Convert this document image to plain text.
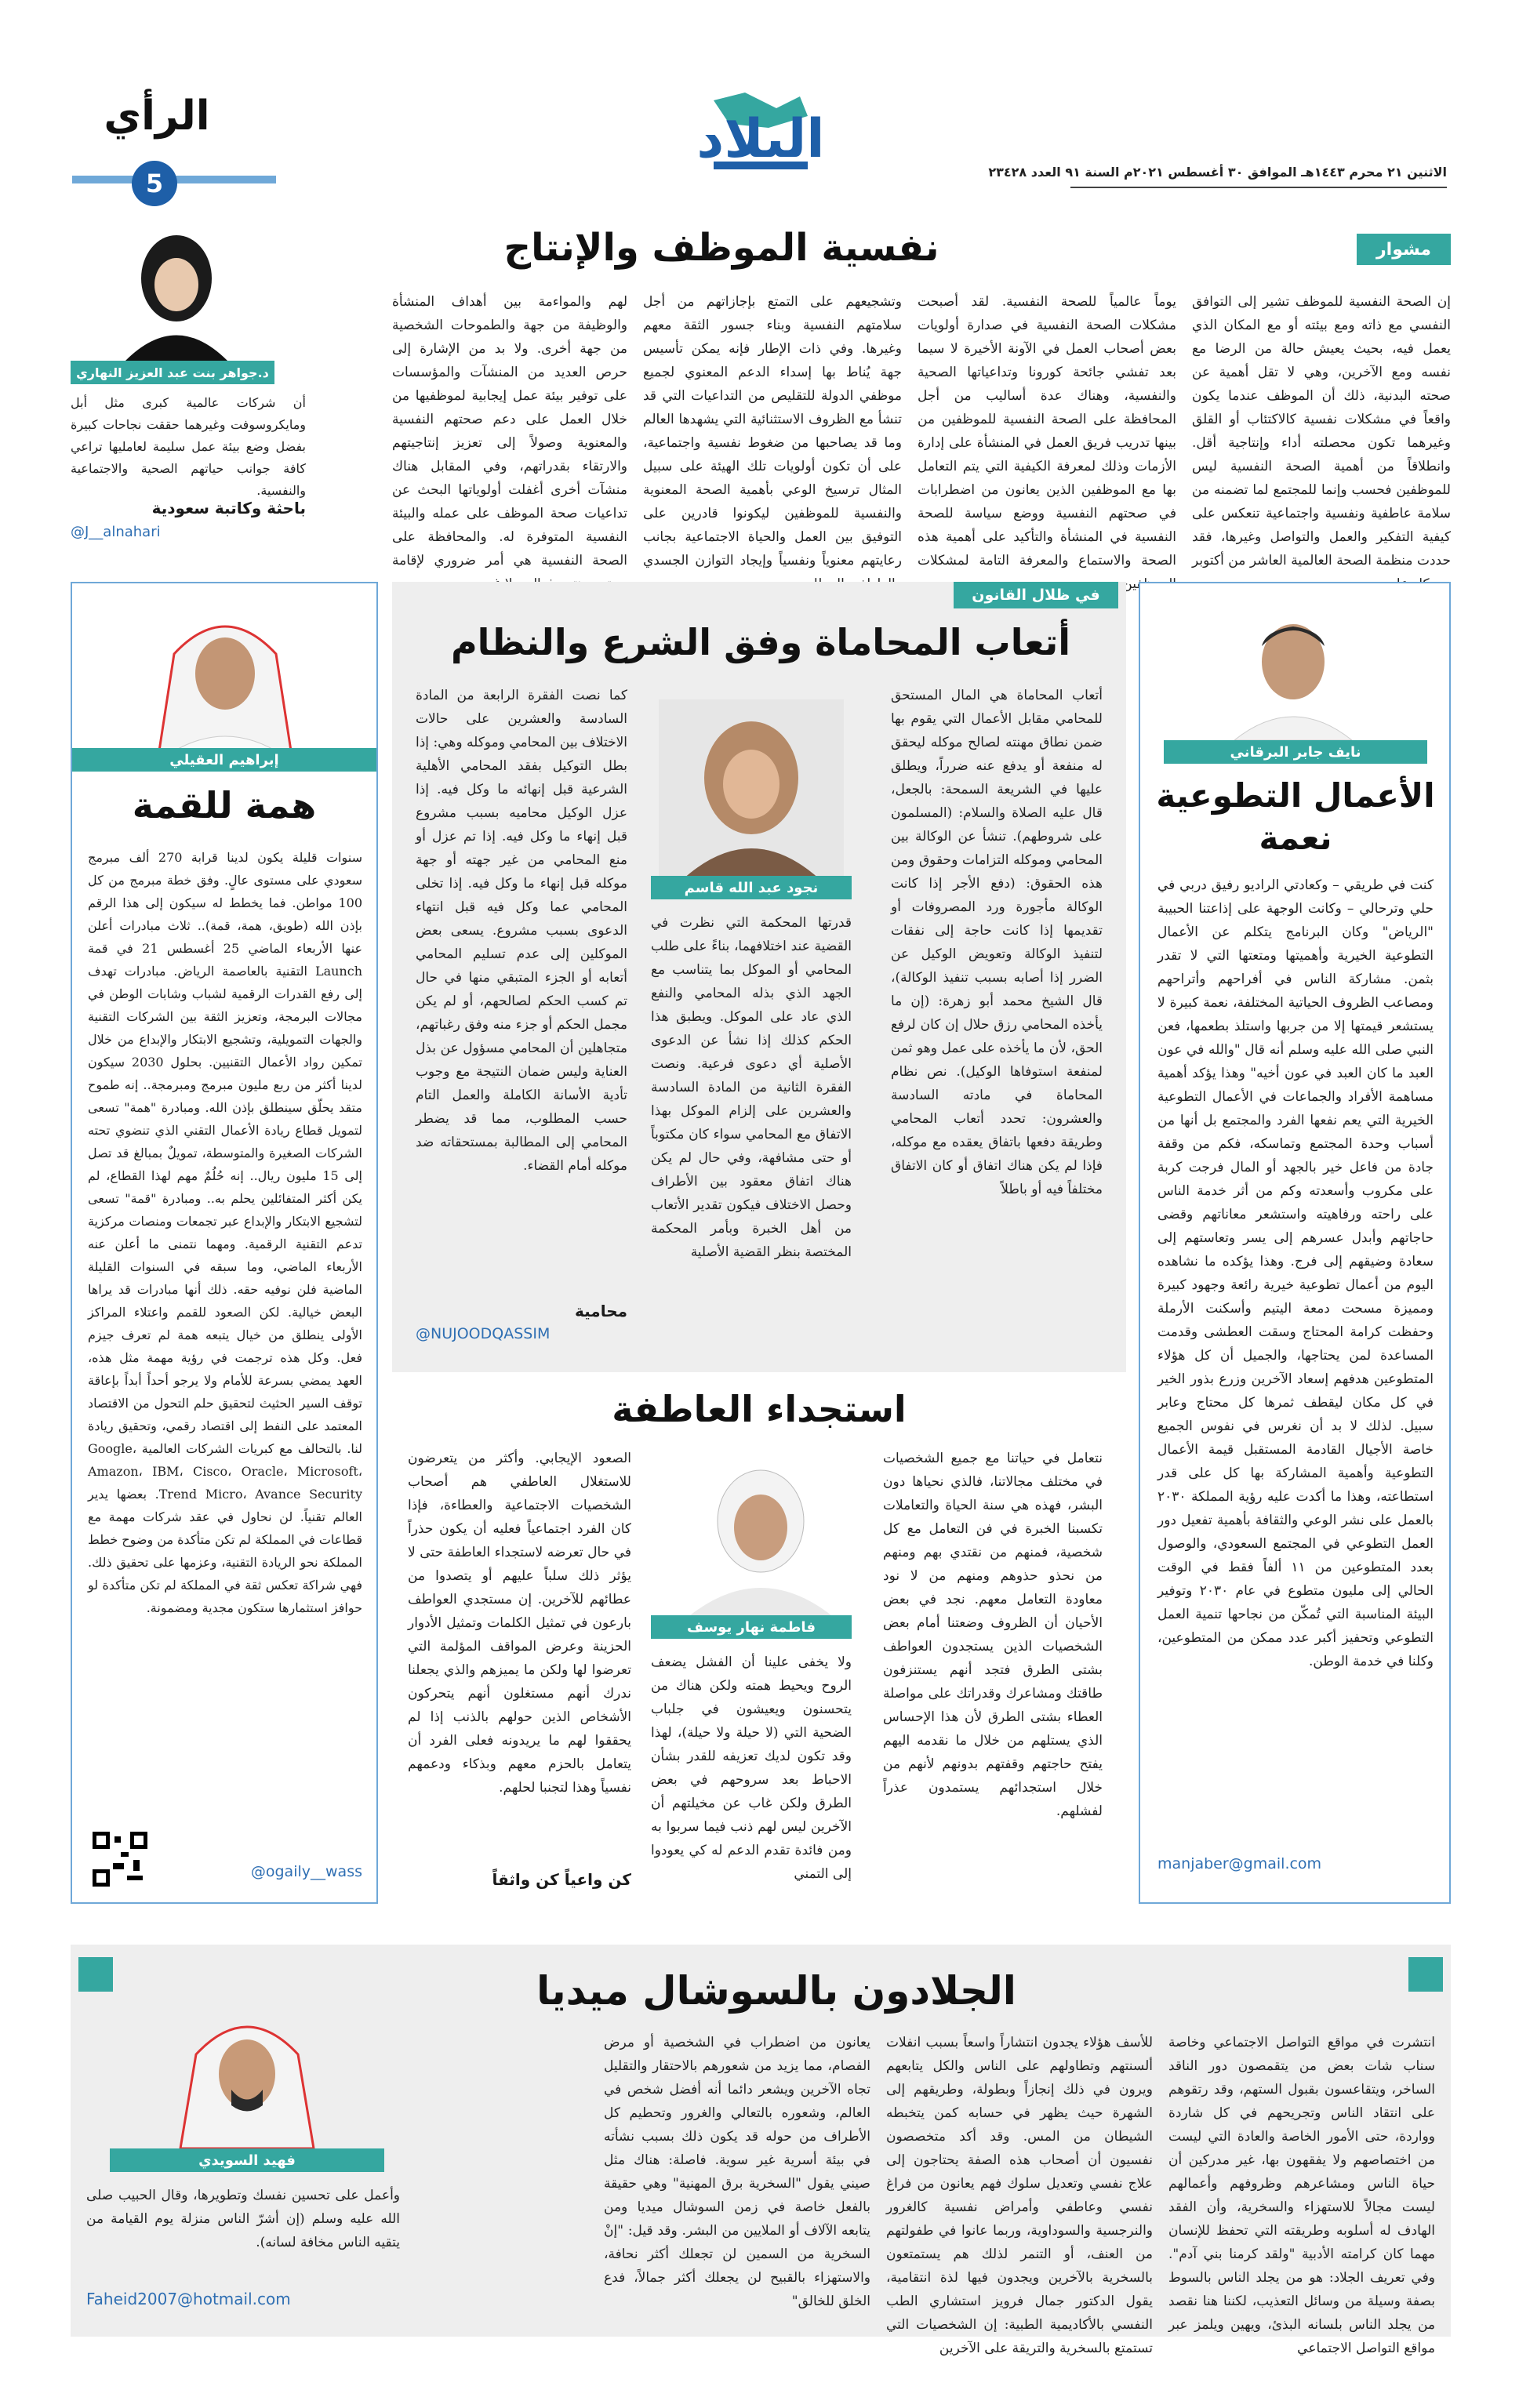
الرأي
5
البلاد
الاثنين ٢١ محرم ١٤٤٣هـ الموافق ٣٠ أغسطس ٢٠٢١م السنة ٩١ العدد ٢٣٤٢٨
مشوار
نفسية الموظف والإنتاج
إن الصحة النفسية للموظف تشير إلى التوافق النفسي مع ذاته ومع بيئته أو مع المكان الذي يعمل فيه، بحيث يعيش حالة من الرضا مع نفسه ومع الآخرين، وهي لا تقل أهمية عن صحته البدنية، ذلك أن الموظف عندما يكون واقعاً في مشكلات نفسية كالاكتئاب أو القلق وغيرهما تكون محصلته أداء وإنتاجية أقل. وانطلاقاً من أهمية الصحة النفسية ليس للموظفين فحسب وإنما للمجتمع لما تضمنه من سلامة عاطفية ونفسية واجتماعية تنعكس على كيفية التفكير والعمل والتواصل وغيرها، فقد حددت منظمة الصحة العالمية العاشر من أكتوبر
يوماً عالمياً للصحة النفسية. لقد أصبحت مشكلات الصحة النفسية في صدارة أولويات بعض أصحاب العمل في الآونة الأخيرة لا سيما بعد تفشي جائحة كورونا وتداعياتها الصحية والنفسية، وهناك عدة أساليب من أجل المحافظة على الصحة النفسية للموظفين من بينها تدريب فريق العمل في المنشأة على إدارة الأزمات وذلك لمعرفة الكيفية التي يتم التعامل بها مع الموظفين الذين يعانون من اضطرابات في صحتهم النفسية ووضع سياسة للصحة النفسية في المنشأة والتأكيد على أهمية هذه الصحة والاستماع والمعرفة التامة لمشكلات
وتشجيعهم على التمتع بإجازاتهم من أجل سلامتهم النفسية وبناء جسور الثقة معهم وغيرها. وفي ذات الإطار فإنه يمكن تأسيس جهة يُناط بها إسداء الدعم المعنوي لجميع موظفي الدولة للتقليص من التداعيات التي قد تنشأ مع الظروف الاستثنائية التي يشهدها العالم وما قد يصاحبها من ضغوط نفسية واجتماعية، على أن تكون أولويات تلك الهيئة على سبيل المثال ترسيخ الوعي بأهمية الصحة المعنوية والنفسية للموظفين ليكونوا قادرين على التوفيق بين العمل والحياة الاجتماعية بجانب رعايتهم معنوياً ونفسياً وإيجاد التوازن الجسدي
لهم والمواءمة بين أهداف المنشأة والوظيفة من جهة والطموحات الشخصية من جهة أخرى. ولا بد من الإشارة إلى حرص العديد من المنشآت والمؤسسات على توفير بيئة عمل إيجابية لموظفيها من خلال العمل على دعم صحتهم النفسية والمعنوية وصولاً إلى تعزيز إنتاجيتهم والارتقاء بقدراتهم، وفي المقابل هناك منشآت أخرى أغفلت أولوياتها البحث عن تداعيات صحة الموظف على عمله والبيئة النفسية المتوفرة له. والمحافظة على الصحة النفسية هي أمر ضروري لإقامة
د.جواهر بنت عبد العزيز النهاري
أن شركات عالمية كبرى مثل أبل ومايكروسوفت وغيرهما حققت نجاحات كبيرة بفضل وضع بيئة عمل سليمة لعامليها تراعي كافة جوانب حياتهم الصحية والاجتماعية والنفسية.
باحثة وكاتبة سعودية
@J__alnahari
نايف جابر البرقاني
الأعمال التطوعية نعمة
كنت في طريقي – وكعادتي الراديو رفيق دربي في حلي وترحالي – وكانت الوجهة على إذاعتنا الحبيبة "الرياض" وكان البرنامج يتكلم عن الأعمال التطوعية الخيرية وأهميتها ومتعتها التي لا تقدر بثمن. مشاركة الناس في أفراحهم وأتراحهم ومصاعب الظروف الحياتية المختلفة، نعمة كبيرة لا يستشعر قيمتها إلا من جربها واستلذ بطعمها، فعن النبي صلى الله عليه وسلم أنه قال "والله في عون العبد ما كان العبد في عون أخيه" وهذا يؤكد أهمية مساهمة الأفراد والجماعات في الأعمال التطوعية الخيرية التي يعم نفعها الفرد والمجتمع بل أنها من أسباب وحدة المجتمع وتماسكه، فكم من وقفة جادة من فاعل خير بالجهد أو المال فرجت كربة على مكروب وأسعدته وكم من أثر خدمة الناس على راحته ورفاهيته واستشعر معاناتهم وقضى حاجاتهم وأبدل عسرهم إلى يسر وتعاستهم إلى سعادة وضيقهم إلى فرج. وهذا يؤكده ما نشاهده اليوم من أعمال تطوعية خيرية رائعة وجهود كبيرة ومميزة مسحت دمعة اليتيم وأسكنت الأرملة وحفظت كرامة المحتاج وسقت العطشى وقدمت المساعدة لمن يحتاجها، والجميل أن كل هؤلاء المتطوعين هدفهم إسعاد الآخرين وزرع بذور الخير في كل مكان ليقطف ثمرها كل محتاج وعابر سبيل. لذلك لا بد أن نغرس في نفوس الجميع خاصة الأجيال القادمة المستقبل قيمة الأعمال التطوعية وأهمية المشاركة بها كل على قدر استطاعته، وهذا ما أكدت عليه رؤية المملكة ٢٠٣٠ بالعمل على نشر الوعي والثقافة بأهمية تفعيل دور العمل التطوعي في المجتمع السعودي، والوصول بعدد المتطوعين من ١١ ألفاً فقط في الوقت الحالي إلى مليون متطوع في عام ٢٠٣٠ وتوفير البيئة المناسبة التي تُمكّن من نجاحها تنمية العمل التطوعي وتحفيز أكبر عدد ممكن من المتطوعين، وكلنا في خدمة الوطن.
manjaber@gmail.com
في ظلال القانون
أتعاب المحاماة وفق الشرع والنظام
أتعاب المحاماة هي المال المستحق للمحامي مقابل الأعمال التي يقوم بها ضمن نطاق مهنته لصالح موكله ليحقق له منفعة أو يدفع عنه ضرراً، ويطلق عليها في الشريعة السمحة: بالجعل، قال عليه الصلاة والسلام: (المسلمون على شروطهم). تنشأ عن الوكالة بين المحامي وموكله التزامات وحقوق ومن هذه الحقوق: (دفع الأجر إذا كانت الوكالة مأجورة ورد المصروفات أو تقديمها إذا كانت حاجة إلى نفقات لتنفيذ الوكالة وتعويض الوكيل عن الضرر إذا أصابه بسبب تنفيذ الوكالة)، قال الشيخ محمد أبو زهرة: (إن ما يأخذه المحامي رزق حلال إن كان لرفع الحق، لأن ما يأخذه على عمل وهو ثمن لمنفعة استوفاها الوكيل). نص نظام المحاماة في مادته السادسة والعشرون: تحدد أتعاب المحامي وطريقة دفعها باتفاق يعقده مع موكله، فإذا لم يكن هناك اتفاق أو كان الاتفاق مختلفاً فيه أو باطلاً
نجود عبد الله قاسم
قدرتها المحكمة التي نظرت في القضية عند اختلافهما، بناءً على طلب المحامي أو الموكل بما يتناسب مع الجهد الذي بذله المحامي والنفع الذي عاد على الموكل. ويطبق هذا الحكم كذلك إذا نشأ عن الدعوى الأصلية أي دعوى فرعية. ونصت الفقرة الثانية من المادة السادسة والعشرين على إلزام الموكل بهذا الاتفاق مع المحامي سواء كان مكتوباً أو حتى مشافهة، وفي حال لم يكن هناك اتفاق معقود بين الأطراف وحصل الاختلاف فيكون تقدير الأتعاب من أهل الخبرة وبأمر المحكمة المختصة بنظر القضية الأصلية
كما نصت الفقرة الرابعة من المادة السادسة والعشرين على حالات الاختلاف بين المحامي وموكله وهي: إذا بطل التوكيل بفقد المحامي الأهلية الشرعية قبل إنهائه ما وكل فيه. إذا عزل الوكيل محاميه بسبب مشروع قبل إنهاء ما وكل فيه. إذا تم عزل أو منع المحامي من غير جهته أو جهة موكله قبل إنهاء ما وكل فيه. إذا تخلى المحامي عما وكل فيه قبل انتهاء الدعوى بسبب مشروع. يسعى بعض الموكلين إلى عدم تسليم المحامي أتعابه أو الجزء المتبقي منها في حال تم كسب الحكم لصالحهم، أو لم يكن مجمل الحكم أو جزء منه وفق رغباتهم، متجاهلين أن المحامي مسؤول عن بذل العناية وليس ضمان النتيجة مع وجوب تأدية الأسانة الكاملة والعمل التام حسب المطلوب، مما قد يضطر المحامي إلى المطالبة بمستحقاته ضد موكله أمام القضاء.
محامية
@NUJOODQASSIM
إبراهيم العقيلي
همة للقمة
سنوات قليلة يكون لدينا قرابة 270 ألف مبرمج سعودي على مستوى عالٍ. وفق خطة مبرمج من كل 100 مواطن. فما يخطط له سيكون إلى هذا الرقم بإذن الله (طويق، همة، قمة).. ثلاث مبادرات أعلن عنها الأربعاء الماضي 25 أغسطس 21 في قمة Launch التقنية بالعاصمة الرياض. مبادرات تهدف إلى رفع القدرات الرقمية لشباب وشابات الوطن في مجالات البرمجة، وتعزيز الثقة بين الشركات التقنية والجهات التمويلية، وتشجيع الابتكار والإبداع من خلال تمكين رواد الأعمال التقنيين. بحلول 2030 سيكون لدينا أكثر من ربع مليون مبرمج ومبرمجة.. إنه طموح متقد يحلّق سينطلق بإذن الله. ومبادرة "همة" تسعى لتمويل قطاع ريادة الأعمال التقني الذي تنضوي تحته الشركات الصغيرة والمتوسطة، تمويلٌ بمبالغ قد تصل إلى 15 مليون ريال.. إنه حُلُمٌ مهم لهذا القطاع، لم يكن أكثر المتفائلين يحلم به.. ومبادرة "قمة" تسعى لتشجيع الابتكار والإبداع عبر تجمعات ومنصات مركزية تدعم التقنية الرقمية. ومهما نتمنى ما أعلن عنه الأربعاء الماضي، وما سبقه في السنوات القليلة الماضية فلن نوفيه حقه. ذلك أنها مبادرات قد يراها البعض خيالية. لكن الصعود للقمم واعتلاء المراكز الأولى ينطلق من خيال يتبعه همة لم تعرف جيزم فعل. وكل هذه ترجمت في رؤية مهمة مثل هذه، العهد يمضي بسرعة للأمام ولا يرجو أحداً أبداً بإعاقة توقف السير الحثيث لتحقيق حلم التحول من الاقتصاد المعتمد على النفط إلى اقتصاد رقمي، وتحقيق ريادة لنا. بالتحالف مع كبريات الشركات العالمية Google، Amazon، IBM، Cisco، Oracle، Microsoft، Trend Micro، Avance Security. بعضها يدير العالم تقنياً. لن نحاول في عقد شركات مهمة مع قطاعات في المملكة لم تكن متأكدة من وضوح خطط المملكة نحو الريادة التقنية، وعزمها على تحقيق ذلك. فهي شراكة تعكس ثقة في المملكة لم تكن متأكدة لو حوافز استثمارها ستكون مجدية ومضمونة.
@ogaily__wass
استجداء العاطفة
نتعامل في حياتنا مع جميع الشخصيات في مختلف مجالاتنا، فالذي نحياها دون البشر، فهذه هي سنة الحياة والتعاملات تكسبنا الخبرة في فن التعامل مع كل شخصية، فمنهم من نقتدي بهم ومنهم من نحذو حذوهم ومنهم من لا نود معاودة التعامل معهم. نجد في بعض الأحيان أن الظروف وضعتنا أمام بعض الشخصيات الذين يستجدون العواطف بشتى الطرق فتجد أنهم يستنزفون طاقتك ومشاعرك وقدراتك على مواصلة العطاء بشتى الطرق لأن هذا الإحساس الذي يستلهم من خلال ما نقدمه اليهم يفتح حاجتهم وقفتهم بدونهم لأنهم من خلال استجدائهم يستمدون عذراً لفشلهم.
فاطمة نهار يوسف
ولا يخفى علينا أن الفشل يضعف الروح ويحيط همته ولكن هناك من يتحسنون ويعيشون في جلباب الضحية التي (لا حيلة ولا حيلة)، لهذا وقد تكون لديك تعزيفه للقدر بشأن الاحباط بعد سروحهم في بعض الطرق ولكن غاب عن مخيلتهم أن الآخرين ليس لهم ذنب فيما سربوا به ومن فائدة تقدم الدعم له كي يعودوا إلى التمني
الصعود الإيجابي. وأكثر من يتعرضون للاستغلال العاطفي هم أصحاب الشخصيات الاجتماعية والعطاءة، فإذا كان الفرد اجتماعياً فعليه أن يكون حذراً في حال تعرضه لاستجداء العاطفة حتى لا يؤثر ذلك سلباً عليهم أو يتصدوا من عطائهم للآخرين. إن مستجدي العواطف بارعون في تمثيل الكلمات وتمثيل الأدوار الحزينة وعرض المواقف المؤلمة التي تعرضوا لها ولكن ما يميزهم والذي يجعلنا ندرك أنهم مستغلون أنهم يتحركون الأشخاص الذين حولهم بالذنب إذا لم يحققوا لهم ما يريدونه فعلى الفرد أن يتعامل بالحزم معهم وبذكاء ودعمهم نفسياً وهذا لتجنبا لحلهم.
كن واعياً كن واثقاً
الجلادون بالسوشال ميديا
انتشرت في مواقع التواصل الاجتماعي وخاصة سناب شات بعض من يتقمصون دور الناقد الساخر، ويتقاعسون بقبول الستهم، وقد رتقوهم على انتقاد الناس وتجريحهم في كل شاردة وواردة، حتى الأمور الخاصة والعادة التي ليست من اختصاصهم ولا يفقهون بها، غير مدركين أن حياة الناس ومشاعرهم وظروفهم وأعمالهم ليست مجالاً للاستهزاء والسخرية، وأن الفقد الهادف له أسلوبه وطريقته التي تحفظ للإنسان مهما كان كرامته الأدبية "ولقد كرمنا بني آدم". وفي تعريف الجلاد: هو من يجلد الناس بالسوط بصفة وسيلة من وسائل التعذيب، لكننا هنا نقصد من يجلد الناس بلسانه البذئ، ويهين ويلمز عبر مواقع التواصل الاجتماعي
للأسف هؤلاء يجدون انتشاراً واسعاً بسبب انفلات ألسنتهم وتطاولهم على الناس والكل يتابعهم ويرون في ذلك إنجازاً وبطولة، وطريقهم إلى الشهرة حيث يظهر في حسابه كمن يتخبطه الشيطان من المس. وقد أكد متخصصون نفسيون أن أصحاب هذه الصفة يحتاجون إلى علاج نفسي وتعديل سلوك فهم يعانون من فراغ نفسي وعاطفي وأمراض نفسية كالغرور والنرجسية والسوداوية، وربما عانوا في طفولتهم من العنف، أو التنمر لذلك هم يستمتعون بالسخرية بالآخرين ويجدون فيها لذة انتقامية، يقول الدكتور جمال فرويز استشاري الطب النفسي بالأكاديمية الطبية: إن الشخصيات التي تستمتع بالسخرية والتريقة على الآخرين
يعانون من اضطراب في الشخصية أو مرض الفصام، مما يزيد من شعورهم بالاحتقار والتقليل تجاه الآخرين ويشعر دائما أنه أفضل شخص في العالم، وشعوره بالتعالي والغرور وتحطيم كل الأطراف من حوله قد يكون ذلك بسبب نشأته في بيئة أسرية غير سوية. فاصلة: هناك مثل صيني يقول "السخرية برق المهنية" وهي حقيقة بالفعل خاصة في زمن السوشال ميديا ومن يتابعه الآلاف أو الملايين من البشر. وقد قيل: "إنْ السخرية من السمين لن تجعلك أكثر نحافة، والاستهزاء بالقبيح لن يجعلك أكثر جمالاً، فدع الخلق للخالق"
فهيد السويدي
وأعمل على تحسين نفسك وتطويرها، وقال الحبيب صلى الله عليه وسلم (إن أشرّ الناس منزلة يوم القيامة من يتقيه الناس مخافة لسانه).
Faheid2007@hotmail.com
